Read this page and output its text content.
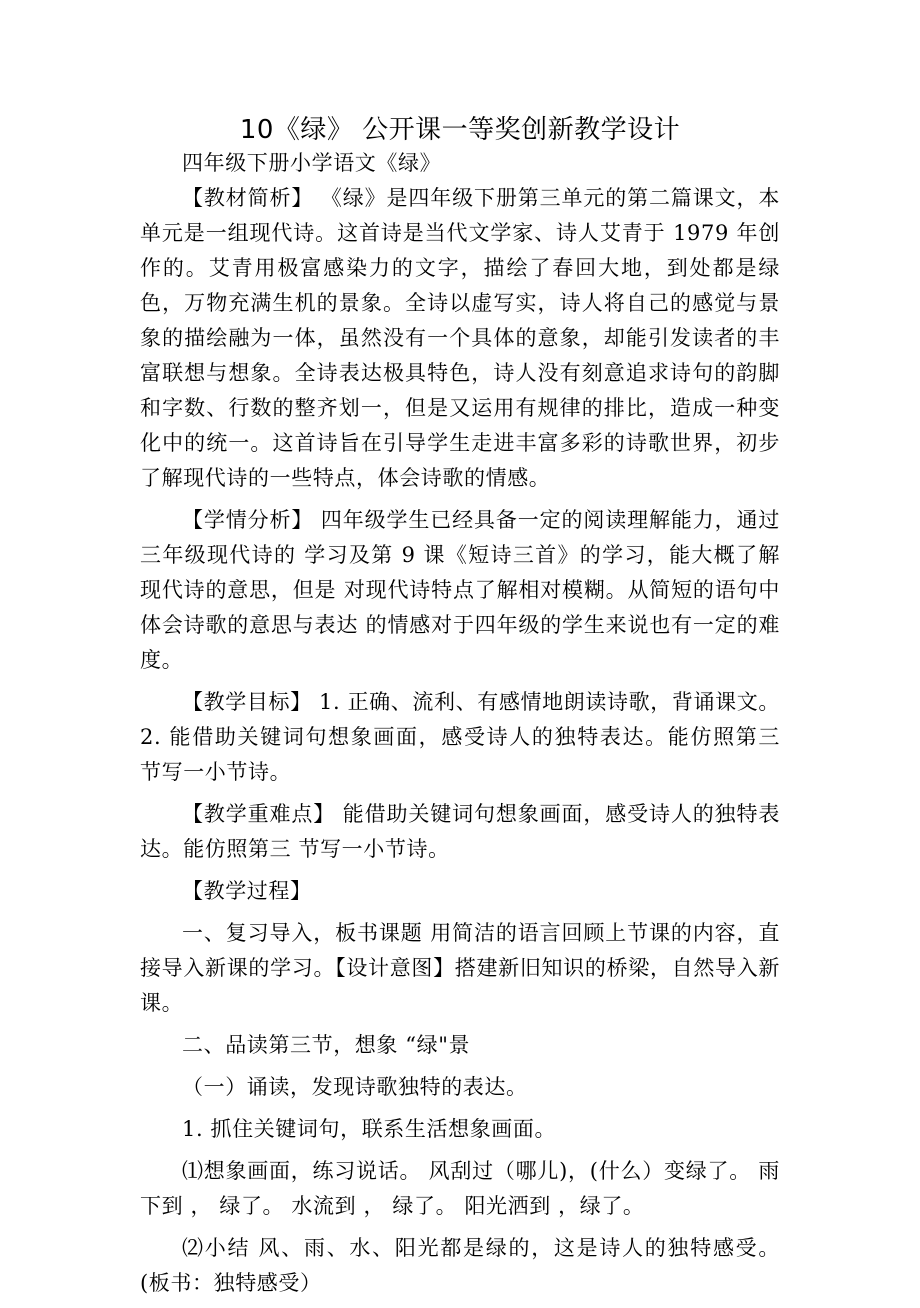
10《绿》 公开课一等奖创新教学设计

四年级下册小学语文《绿》

【教材简析】 《绿》是四年级下册第三单元的第二篇课文，本单元是一组现代诗。这首诗是当代文学家、诗人艾青于 1979 年创作的。艾青用极富感染力的文字，描绘了春回大地，到处都是绿色，万物充满生机的景象。全诗以虚写实，诗人将自己的感觉与景象的描绘融为一体，虽然没有一个具体的意象，却能引发读者的丰富联想与想象。全诗表达极具特色，诗人没有刻意追求诗句的韵脚和字数、行数的整齐划一，但是又运用有规律的排比，造成一种变化中的统一。这首诗旨在引导学生走进丰富多彩的诗歌世界，初步了解现代诗的一些特点，体会诗歌的情感。

【学情分析】 四年级学生已经具备一定的阅读理解能力，通过三年级现代诗的 学习及第 9 课《短诗三首》的学习，能大概了解现代诗的意思，但是 对现代诗特点了解相对模糊。从简短的语句中体会诗歌的意思与表达 的情感对于四年级的学生来说也有一定的难度。

【教学目标】 1. 正确、流利、有感情地朗读诗歌，背诵课文。2. 能借助关键词句想象画面，感受诗人的独特表达。能仿照第三 节写一小节诗。

【教学重难点】 能借助关键词句想象画面，感受诗人的独特表达。能仿照第三 节写一小节诗。

【教学过程】

一、复习导入，板书课题 用简洁的语言回顾上节课的内容，直接导入新课的学习。【设计意图】搭建新旧知识的桥梁，自然导入新课。

二、品读第三节，想象 “绿"景

（一）诵读，发现诗歌独特的表达。

1. 抓住关键词句，联系生活想象画面。

⑴想象画面，练习说话。 风刮过（哪儿)，(什么）变绿了。 雨下到 ， 绿了。 水流到 ， 绿了。 阳光洒到 ，绿了。

⑵小结 风、雨、水、阳光都是绿的，这是诗人的独特感受。(板书：独特感受）
